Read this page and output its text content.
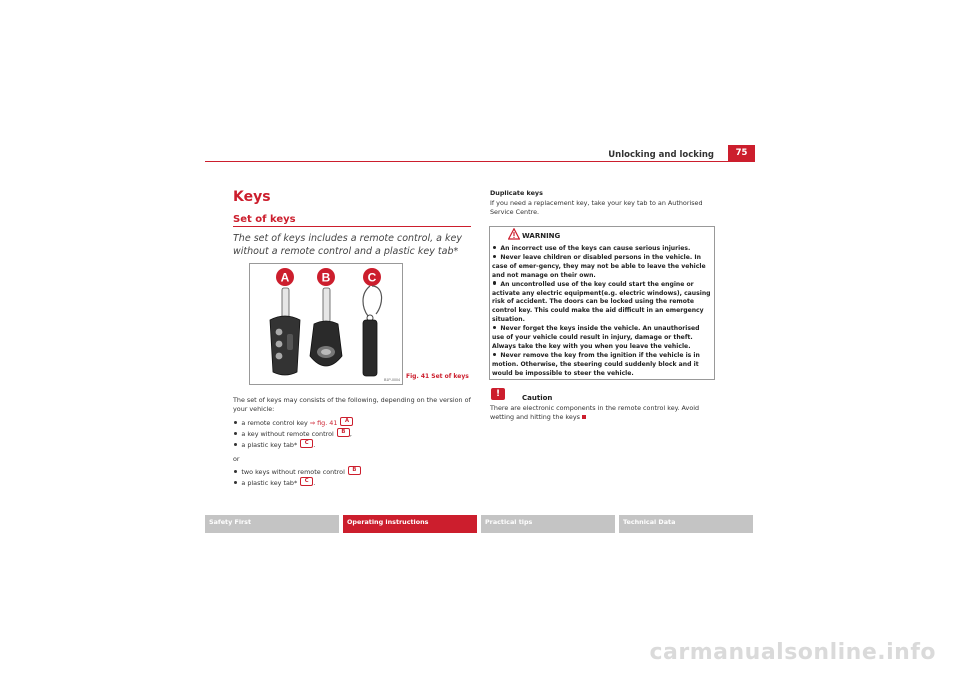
Unlocking and locking	75
Keys
Set of keys
The set of keys includes a remote control, a key without a remote control and a plastic key tab*
A	B	C
B1P-0004 Fig. 41 Set of keys
The set of keys may consists of the following, depending on the version of your vehicle:
a remote control key ⇒ fig. 41 A
a key without remote control B ,
a plastic key tab* C .
or
two keys without remote control B
a plastic key tab* C .
Duplicate keys
If you need a replacement key, take your key tab to an Authorised Service Centre.
WARNING
An incorrect use of the keys can cause serious injuries.
Never leave children or disabled persons in the vehicle. In case of emer-gency, they may not be able to leave the vehicle and not manage on their own.
An uncontrolled use of the key could start the engine or activate any electric equipment(e.g. electric windows), causing risk of accident. The doors can be locked using the remote control key. This could make the aid difficult in an emergency situation.
Never forget the keys inside the vehicle. An unauthorised use of your vehicle could result in injury, damage or theft. Always take the key with you when you leave the vehicle.
Never remove the key from the ignition if the vehicle is in motion. Otherwise, the steering could suddenly block and it would be impossible to steer the vehicle.
!	Caution
There are electronic components in the remote control key. Avoid wetting and hitting the keys
Safety First	Operating instructions	Practical tips	Technical Data
carmanualsonline.info
